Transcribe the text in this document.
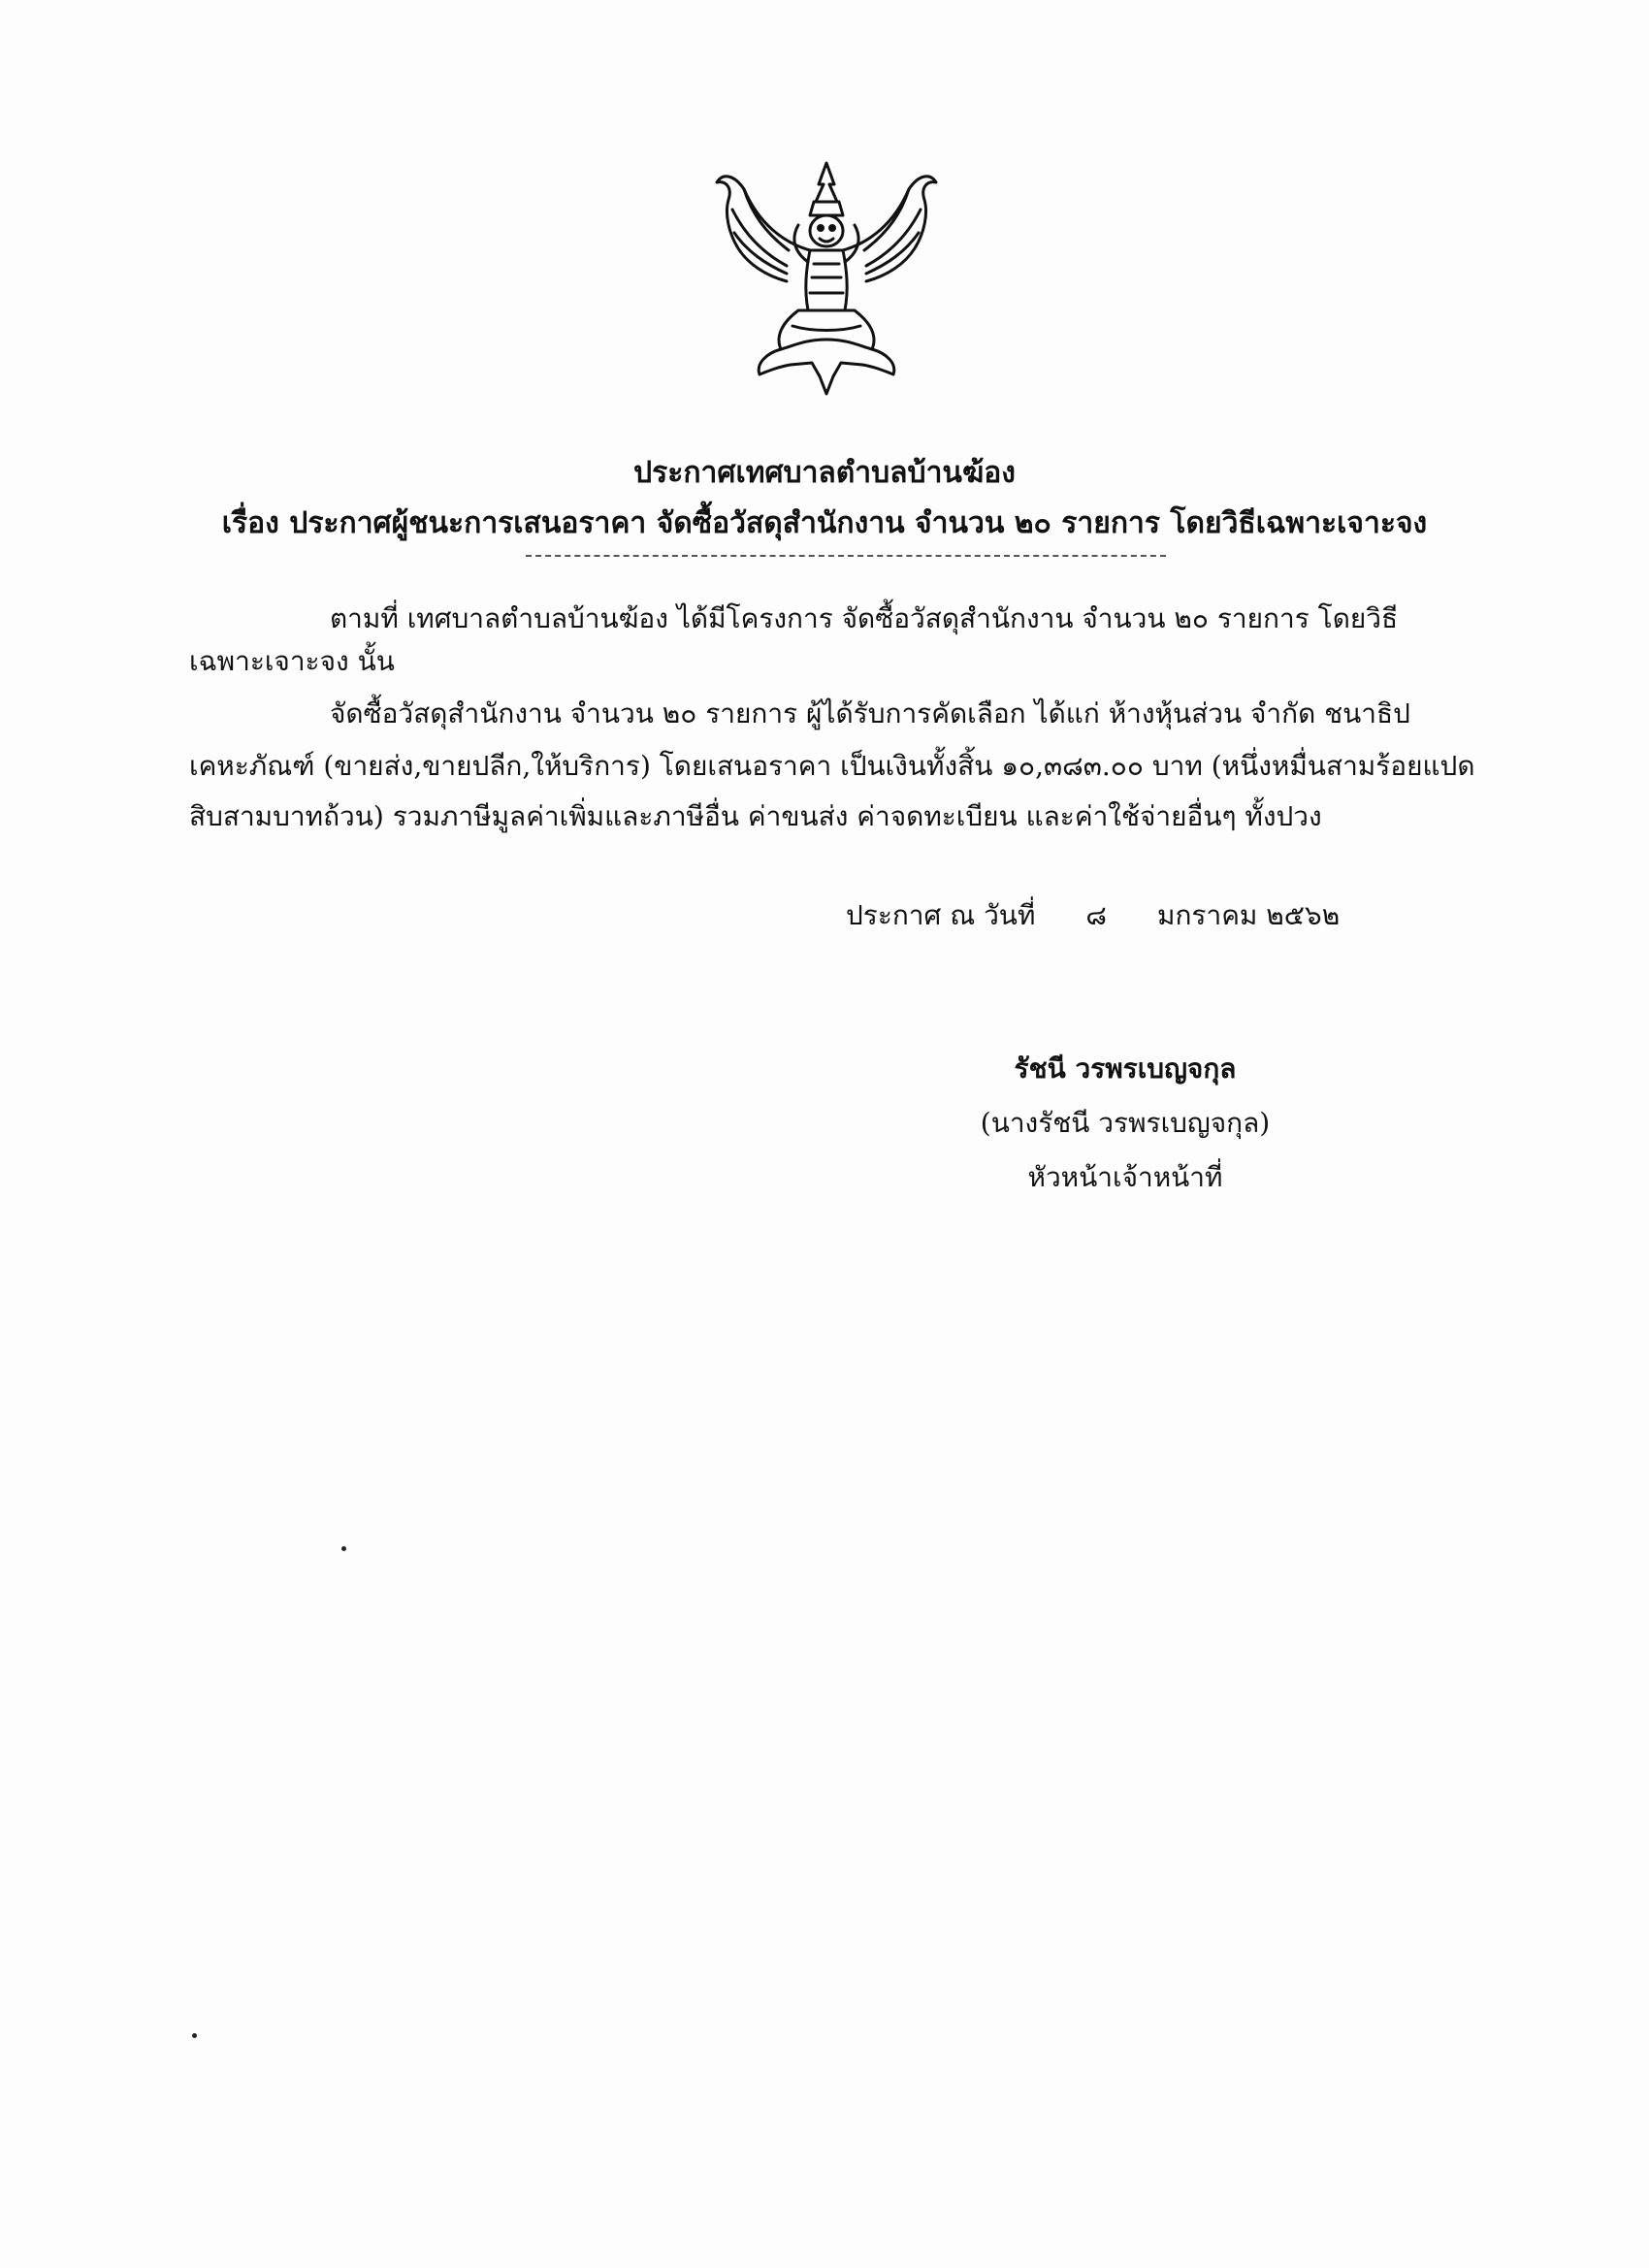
ประกาศเทศบาลตำบลบ้านฆ้อง
เรื่อง ประกาศผู้ชนะการเสนอราคา จัดซื้อวัสดุสำนักงาน จำนวน ๒๐ รายการ โดยวิธีเฉพาะเจาะจง
ตามที่ เทศบาลตำบลบ้านฆ้อง ได้มีโครงการ จัดซื้อวัสดุสำนักงาน จำนวน ๒๐ รายการ โดยวิธี
เฉพาะเจาะจง นั้น
จัดซื้อวัสดุสำนักงาน จำนวน ๒๐ รายการ ผู้ได้รับการคัดเลือก ได้แก่ ห้างหุ้นส่วน จำกัด ชนาธิป
เคหะภัณฑ์ (ขายส่ง,ขายปลีก,ให้บริการ) โดยเสนอราคา เป็นเงินทั้งสิ้น ๑๐,๓๘๓.๐๐ บาท (หนึ่งหมื่นสามร้อยแปด
สิบสามบาทถ้วน) รวมภาษีมูลค่าเพิ่มและภาษีอื่น ค่าขนส่ง ค่าจดทะเบียน และค่าใช้จ่ายอื่นๆ ทั้งปวง
ประกาศ ณ วันที่ ๘ มกราคม ๒๕๖๒
รัชนี วรพรเบญจกุล
(นางรัชนี วรพรเบญจกุล)
หัวหน้าเจ้าหน้าที่
